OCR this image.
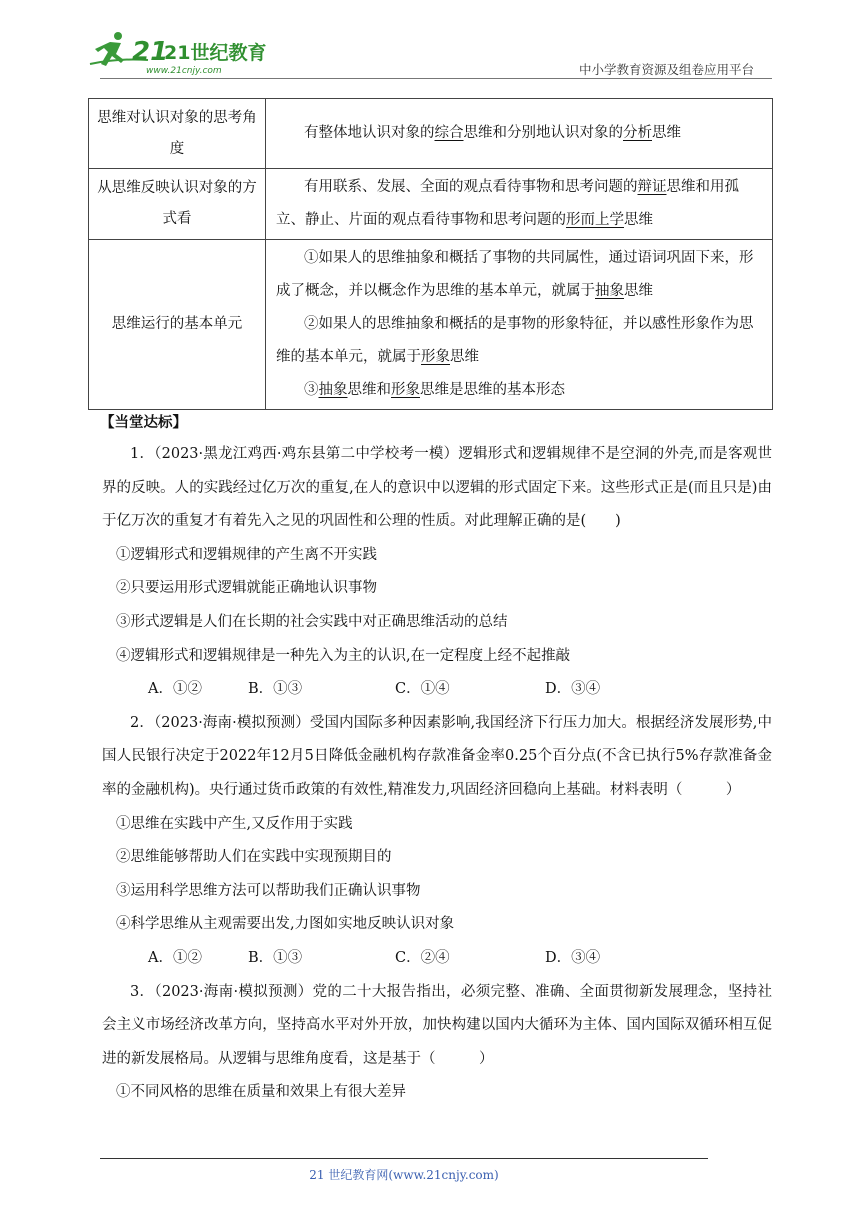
21
21世纪教育
www.21cnjy.com	中小学教育资源及组卷应用平台
思维对认识对象的思考角度	有整体地认识对象的综合思维和分别地认识对象的分析思维

从思维反映认识对象的方式看	有用联系、发展、全面的观点看待事物和思考问题的辩证思维和用孤立、静止、片面的观点看待事物和思考问题的形而上学思维

思维运行的基本单元	①如果人的思维抽象和概括了事物的共同属性，通过语词巩固下来，形成了概念，并以概念作为思维的基本单元，就属于抽象思维

②如果人的思维抽象和概括的是事物的形象特征，并以感性形象作为思维的基本单元，就属于形象思维

③抽象思维和形象思维是思维的基本形态

【当堂达标】

1．（2023·黑龙江鸡西·鸡东县第二中学校考一模）逻辑形式和逻辑规律不是空洞的外壳,而是客观世界的反映。人的实践经过亿万次的重复,在人的意识中以逻辑的形式固定下来。这些形式正是(而且只是)由于亿万次的重复才有着先入之见的巩固性和公理的性质。对此理解正确的是(　　)

①逻辑形式和逻辑规律的产生离不开实践
②只要运用形式逻辑就能正确地认识事物
③形式逻辑是人们在长期的社会实践中对正确思维活动的总结
④逻辑形式和逻辑规律是一种先入为主的认识,在一定程度上经不起推敲
A．①②	B．①③	C．①④	D．③④

2．（2023·海南·模拟预测）受国内国际多种因素影响,我国经济下行压力加大。根据经济发展形势,中国人民银行决定于2022年12月5日降低金融机构存款准备金率0.25个百分点(不含已执行5%存款准备金率的金融机构)。央行通过货币政策的有效性,精准发力,巩固经济回稳向上基础。材料表明（　　　）

①思维在实践中产生,又反作用于实践
②思维能够帮助人们在实践中实现预期目的
③运用科学思维方法可以帮助我们正确认识事物
④科学思维从主观需要出发,力图如实地反映认识对象
A．①②	B．①③	C．②④	D．③④

3．（2023·海南·模拟预测）党的二十大报告指出，必须完整、准确、全面贯彻新发展理念，坚持社会主义市场经济改革方向，坚持高水平对外开放，加快构建以国内大循环为主体、国内国际双循环相互促进的新发展格局。从逻辑与思维角度看，这是基于（　　　）

①不同风格的思维在质量和效果上有很大差异
21 世纪教育网(www.21cnjy.com)
